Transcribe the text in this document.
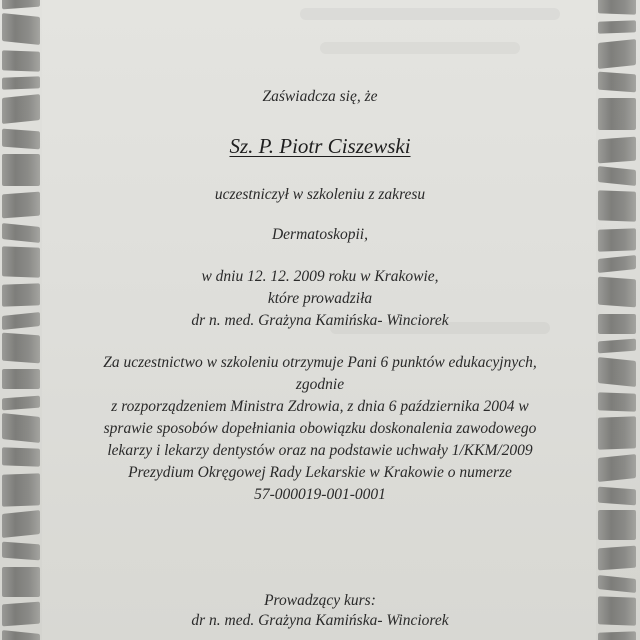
Zaświadcza się, że
Sz. P. Piotr Ciszewski
uczestniczył w szkoleniu z zakresu
Dermatoskopii,
w dniu 12. 12. 2009 roku w Krakowie,
które prowadziła
dr n. med. Grażyna Kamińska- Winciorek
Za uczestnictwo w szkoleniu otrzymuje Pani 6 punktów edukacyjnych,
zgodnie
z rozporządzeniem Ministra Zdrowia, z dnia 6 października 2004 w
sprawie sposobów dopełniania obowiązku doskonalenia zawodowego
lekarzy i lekarzy dentystów oraz na podstawie uchwały 1/KKM/2009
Prezydium Okręgowej Rady Lekarskie w Krakowie o numerze
57-000019-001-0001
Prowadzący kurs:
dr n. med. Grażyna Kamińska- Winciorek
